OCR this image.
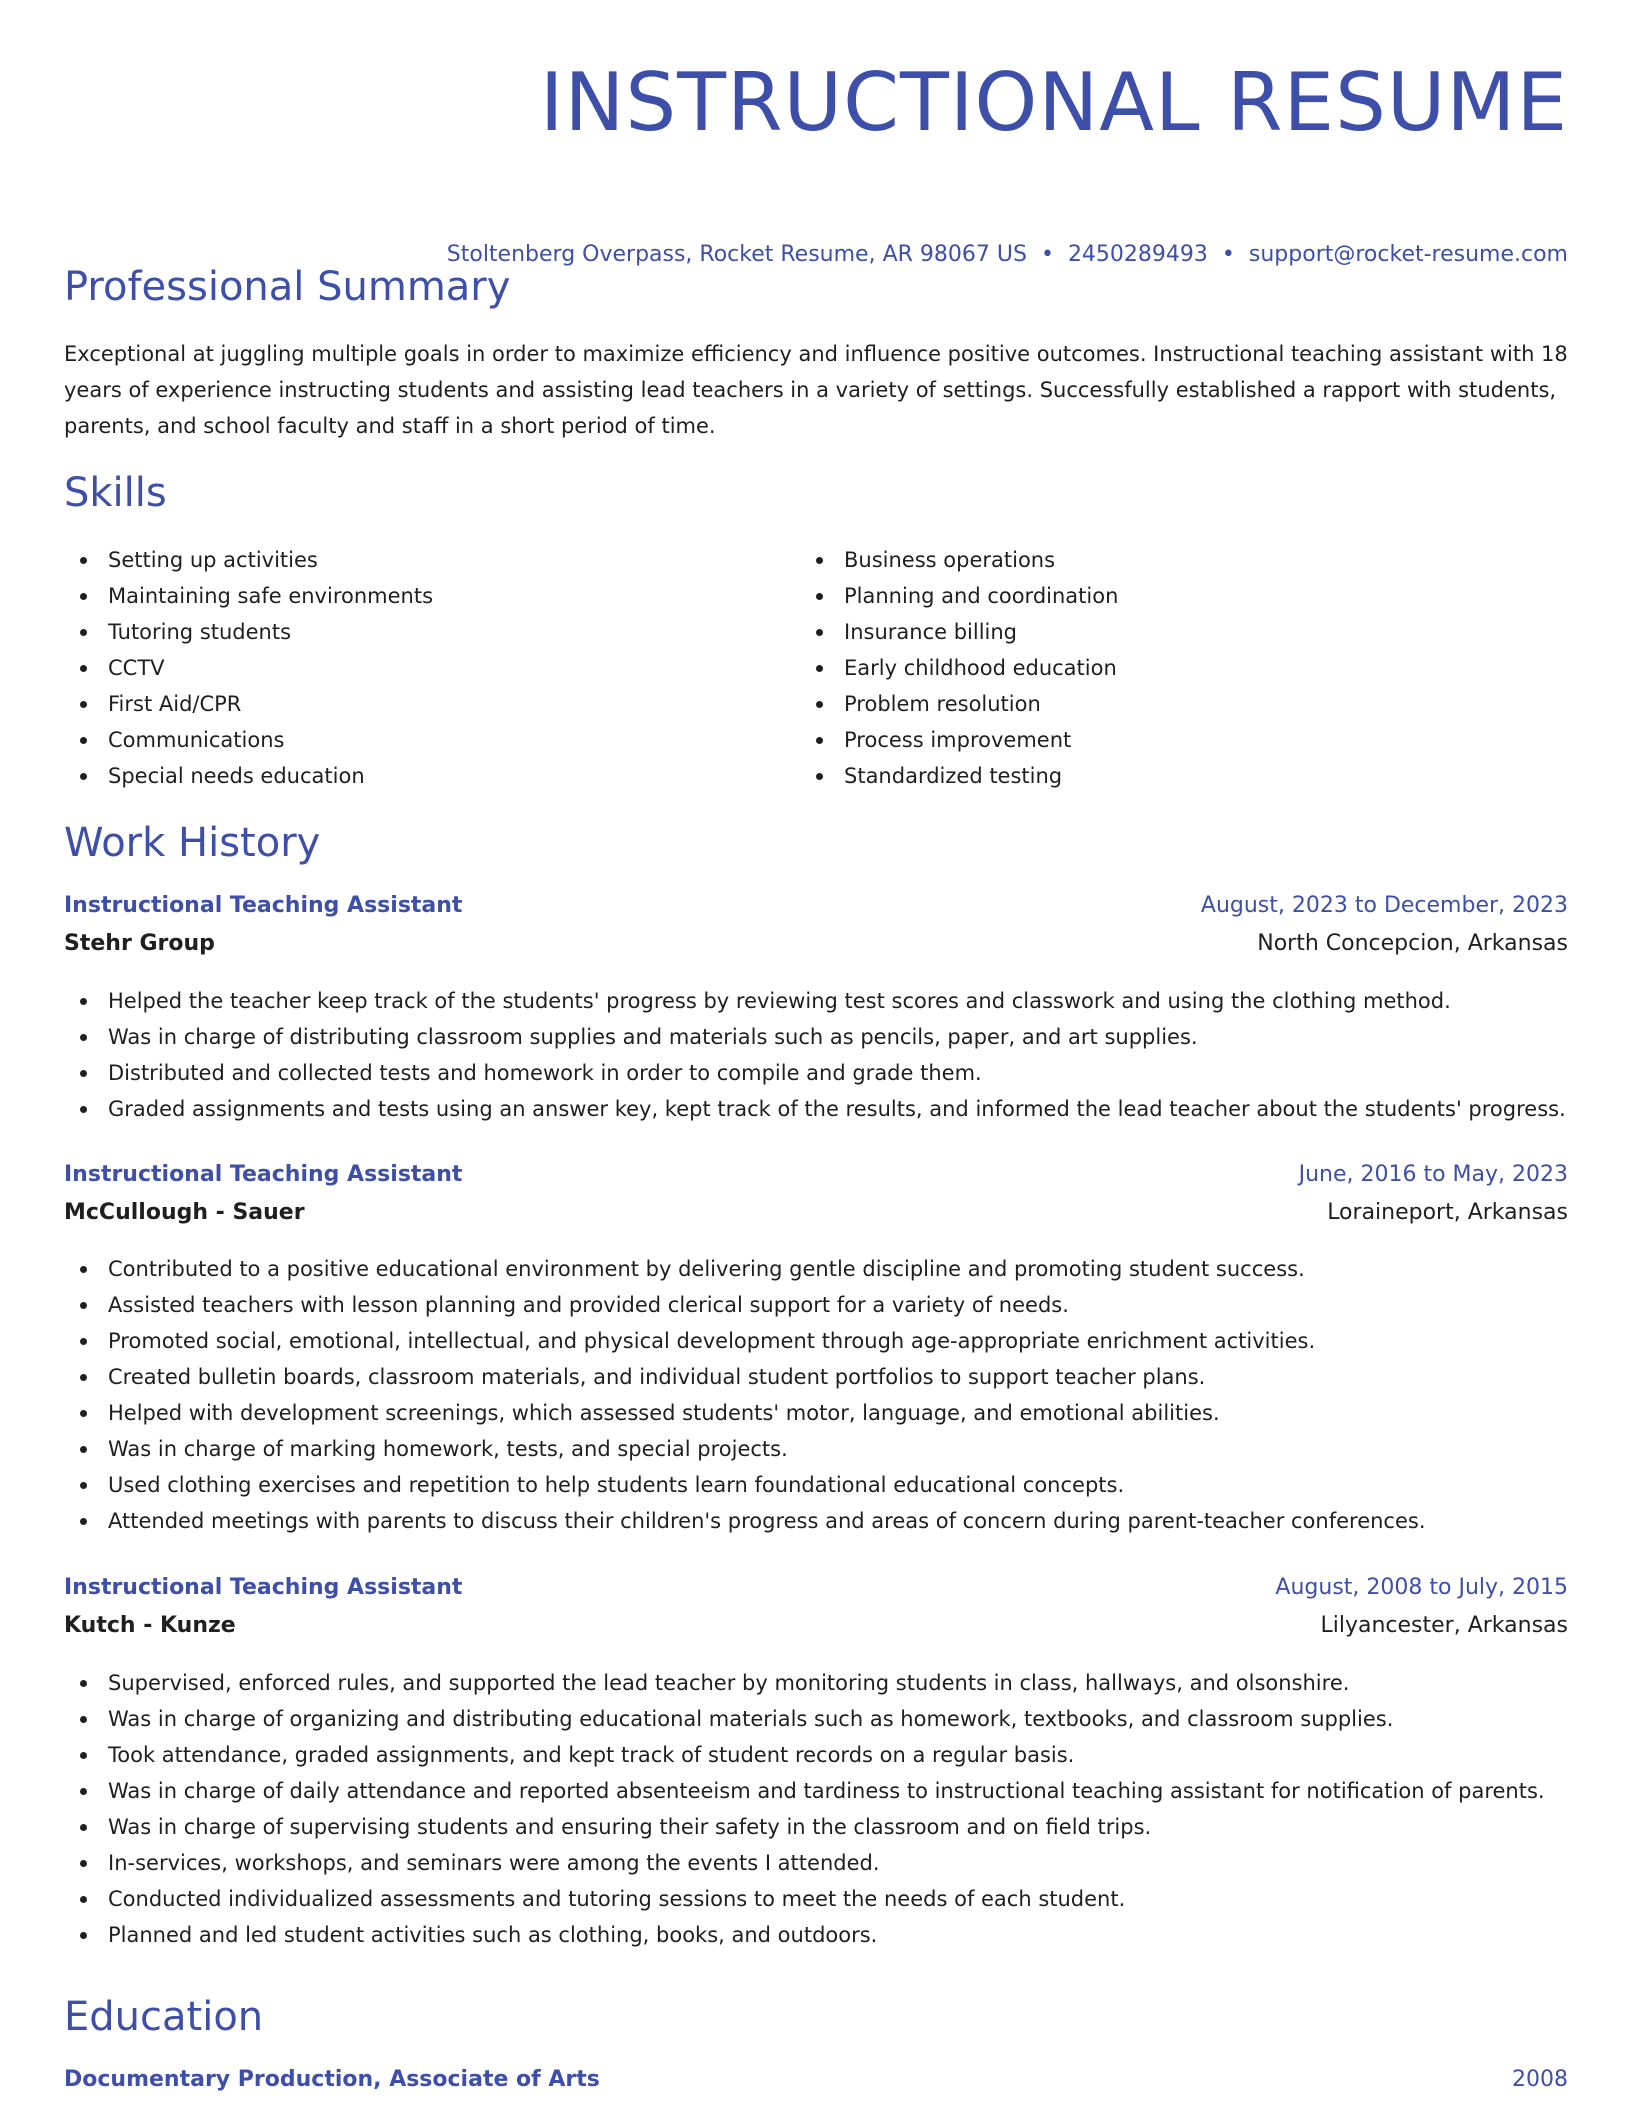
INSTRUCTIONAL RESUME
Stoltenberg Overpass, Rocket Resume, AR 98067 US • 2450289493 • support@rocket-resume.com
Professional Summary

Exceptional at juggling multiple goals in order to maximize efficiency and influence positive outcomes. Instructional teaching assistant with 18 years of experience instructing students and assisting lead teachers in a variety of settings. Successfully established a rapport with students, parents, and school faculty and staff in a short period of time.

Skills
Setting up activities
Maintaining safe environments
Tutoring students
CCTV
First Aid/CPR
Communications
Special needs education
Business operations
Planning and coordination
Insurance billing
Early childhood education
Problem resolution
Process improvement
Standardized testing
Work History
Instructional Teaching Assistant	August, 2023 to December, 2023
Stehr Group	North Concepcion, Arkansas
Helped the teacher keep track of the students' progress by reviewing test scores and classwork and using the clothing method.
Was in charge of distributing classroom supplies and materials such as pencils, paper, and art supplies.
Distributed and collected tests and homework in order to compile and grade them.
Graded assignments and tests using an answer key, kept track of the results, and informed the lead teacher about the students' progress.
Instructional Teaching Assistant	June, 2016 to May, 2023
McCullough - Sauer	Loraineport, Arkansas
Contributed to a positive educational environment by delivering gentle discipline and promoting student success.
Assisted teachers with lesson planning and provided clerical support for a variety of needs.
Promoted social, emotional, intellectual, and physical development through age-appropriate enrichment activities.
Created bulletin boards, classroom materials, and individual student portfolios to support teacher plans.
Helped with development screenings, which assessed students' motor, language, and emotional abilities.
Was in charge of marking homework, tests, and special projects.
Used clothing exercises and repetition to help students learn foundational educational concepts.
Attended meetings with parents to discuss their children's progress and areas of concern during parent-teacher conferences.
Instructional Teaching Assistant	August, 2008 to July, 2015
Kutch - Kunze	Lilyancester, Arkansas
Supervised, enforced rules, and supported the lead teacher by monitoring students in class, hallways, and olsonshire.
Was in charge of organizing and distributing educational materials such as homework, textbooks, and classroom supplies.
Took attendance, graded assignments, and kept track of student records on a regular basis.
Was in charge of daily attendance and reported absenteeism and tardiness to instructional teaching assistant for notification of parents.
Was in charge of supervising students and ensuring their safety in the classroom and on field trips.
In-services, workshops, and seminars were among the events I attended.
Conducted individualized assessments and tutoring sessions to meet the needs of each student.
Planned and led student activities such as clothing, books, and outdoors.
Education
Documentary Production, Associate of Arts	2008
